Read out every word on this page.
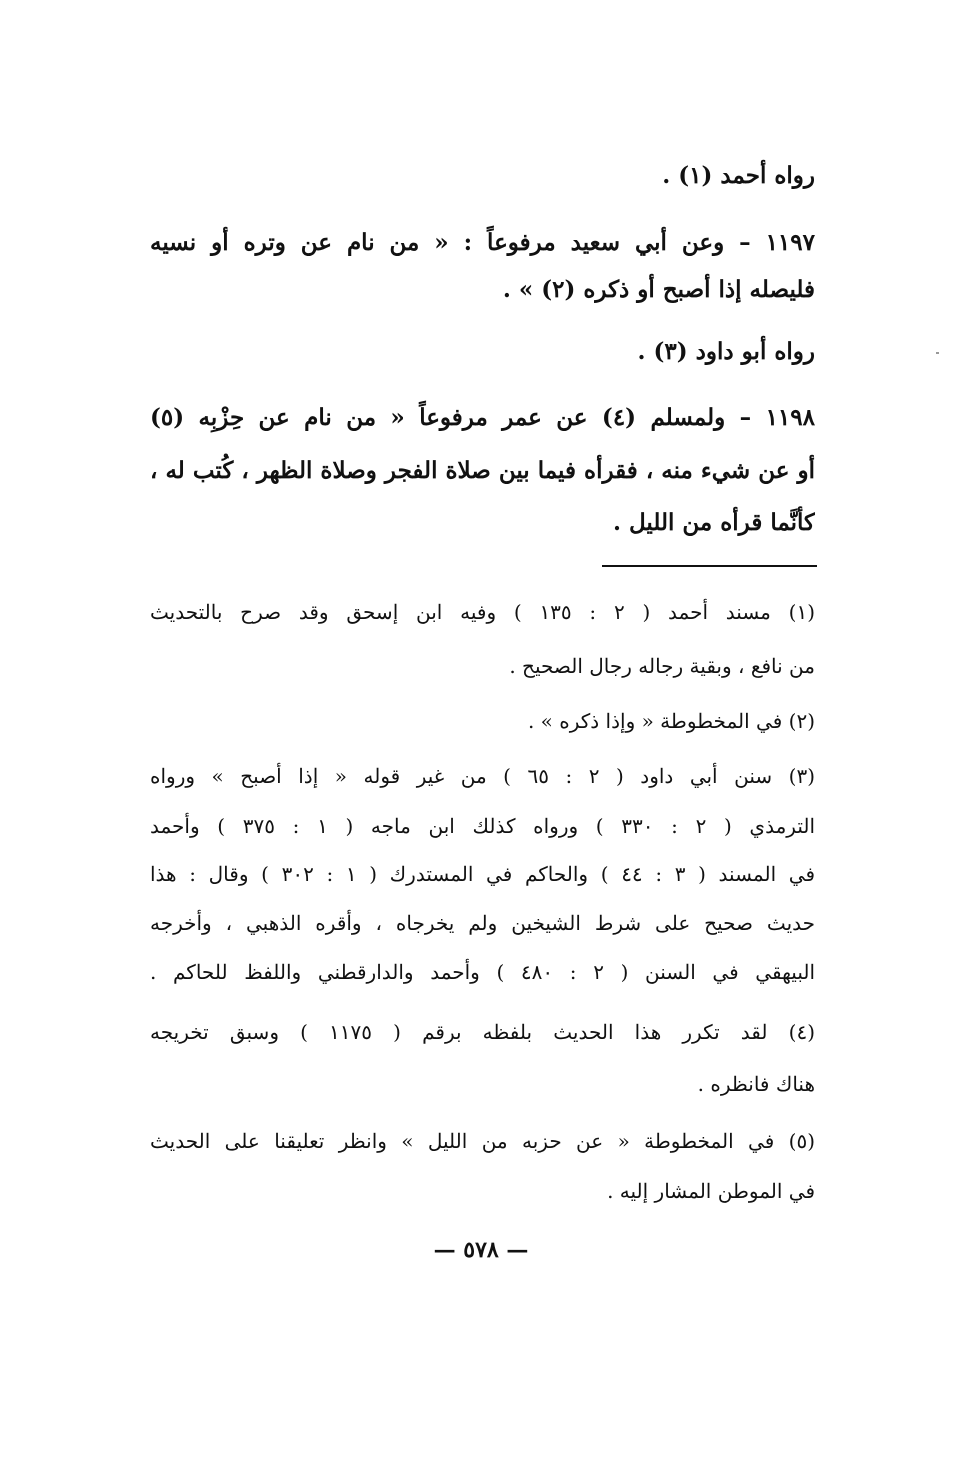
رواه أحمد (١) .
١١٩٧ – وعن أبي سعيد مرفوعاً : « من نام عن وتره أو نسيه
فليصله إذا أصبح أو ذكره (٢) » .
رواه أبو داود (٣) .
١١٩٨ – ولمسلم (٤) عن عمر مرفوعاً « من نام عن حِزْبِه (٥)
أو عن شيء منه ، فقرأه فيما بين صلاة الفجر وصلاة الظهر ، كُتب له ،
كأنَّما قرأه من الليل .
(١) مسند أحمد ( ٢ : ١٣٥ ) وفيه ابن إسحق وقد صرح بالتحديث
من نافع ، وبقية رجاله رجال الصحيح .
(٢) في المخطوطة « وإذا ذكره » .
(٣) سنن أبي داود ( ٢ : ٦٥ ) من غير قوله « إذا أصبح » ورواه
الترمذي ( ٢ : ٣٣٠ ) ورواه كذلك ابن ماجه ( ١ : ٣٧٥ ) وأحمد
في المسند ( ٣ : ٤٤ ) والحاكم في المستدرك ( ١ : ٣٠٢ ) وقال : هذا
حديث صحيح على شرط الشيخين ولم يخرجاه ، وأقره الذهبي ، وأخرجه
البيهقي في السنن ( ٢ : ٤٨٠ ) وأحمد والدارقطني واللفظ للحاكم .
(٤) لقد تكرر هذا الحديث بلفظه برقم ( ١١٧٥ ) وسبق تخريجه
هناك فانظره .
(٥) في المخطوطة « عن حزبه من الليل » وانظر تعليقنا على الحديث
في الموطن المشار إليه .
— ٥٧٨ —
